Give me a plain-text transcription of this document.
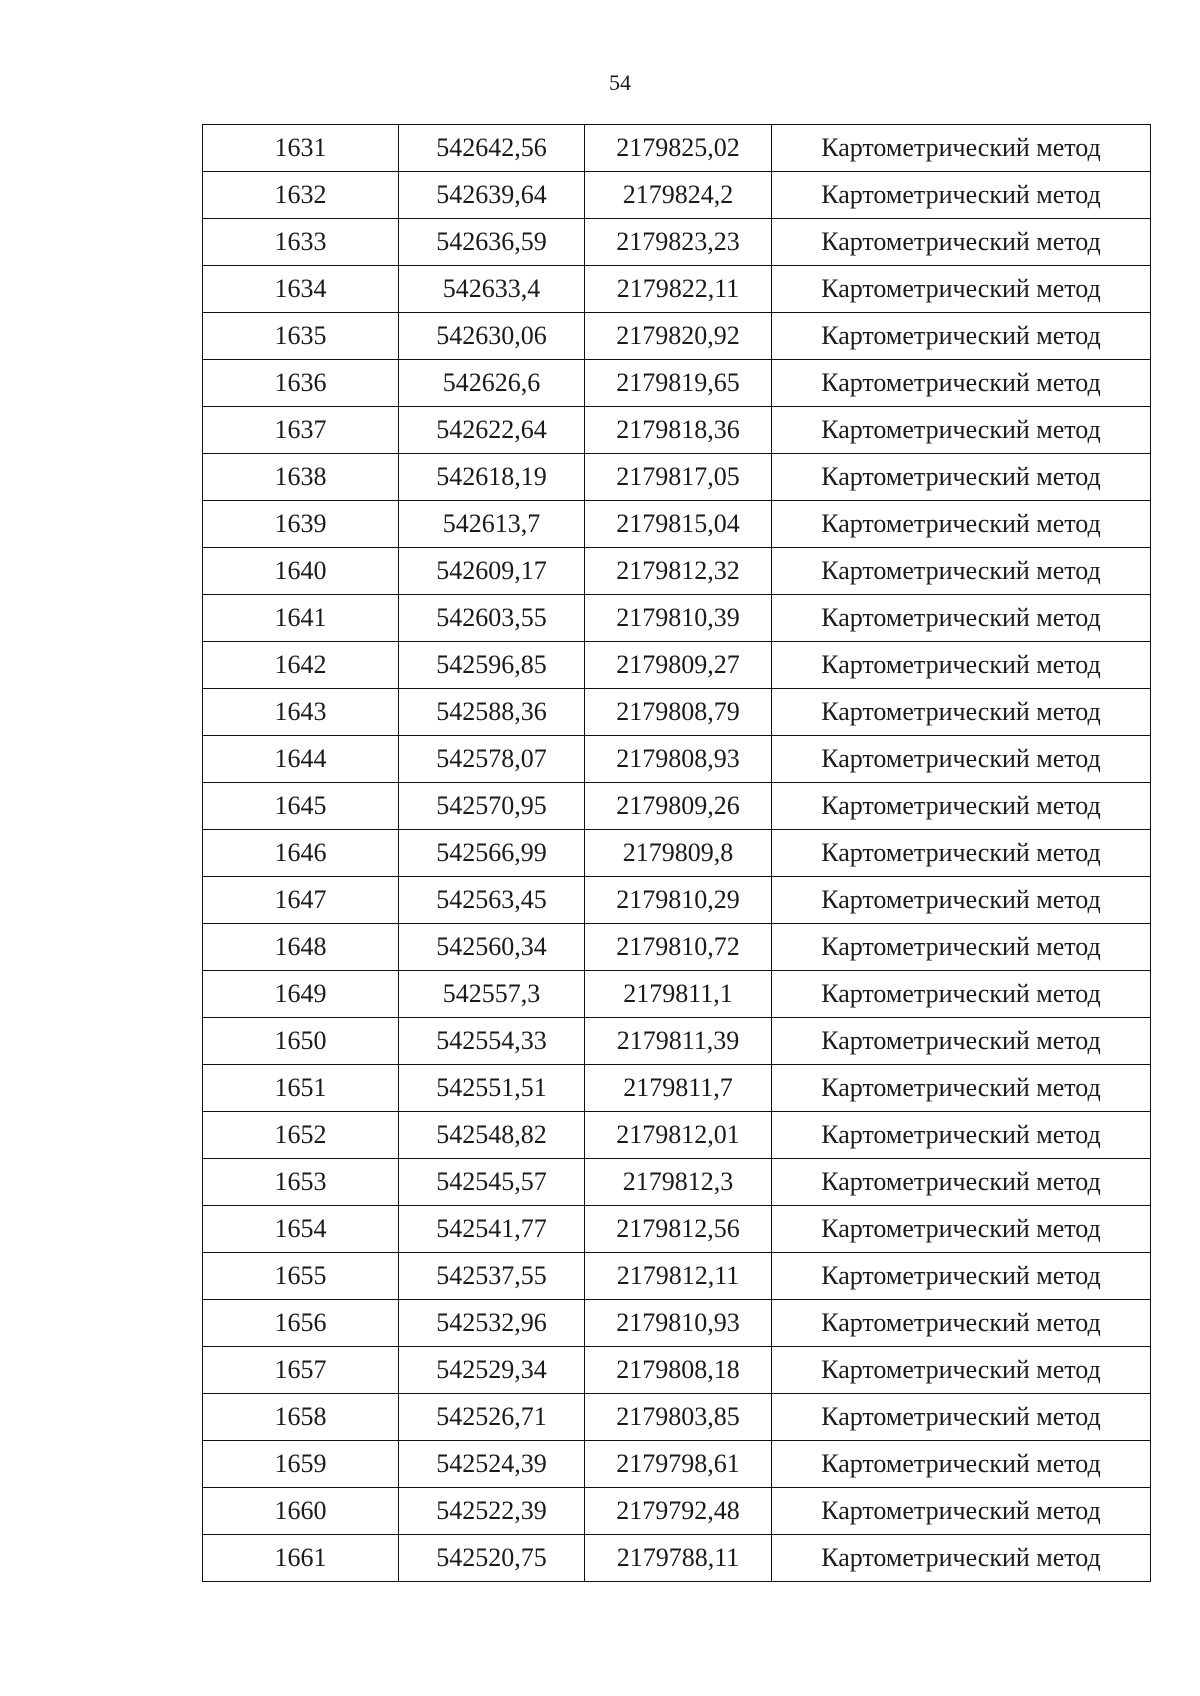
54
1631	542642,56	2179825,02	Картометрический метод
1632	542639,64	2179824,2	Картометрический метод
1633	542636,59	2179823,23	Картометрический метод
1634	542633,4	2179822,11	Картометрический метод
1635	542630,06	2179820,92	Картометрический метод
1636	542626,6	2179819,65	Картометрический метод
1637	542622,64	2179818,36	Картометрический метод
1638	542618,19	2179817,05	Картометрический метод
1639	542613,7	2179815,04	Картометрический метод
1640	542609,17	2179812,32	Картометрический метод
1641	542603,55	2179810,39	Картометрический метод
1642	542596,85	2179809,27	Картометрический метод
1643	542588,36	2179808,79	Картометрический метод
1644	542578,07	2179808,93	Картометрический метод
1645	542570,95	2179809,26	Картометрический метод
1646	542566,99	2179809,8	Картометрический метод
1647	542563,45	2179810,29	Картометрический метод
1648	542560,34	2179810,72	Картометрический метод
1649	542557,3	2179811,1	Картометрический метод
1650	542554,33	2179811,39	Картометрический метод
1651	542551,51	2179811,7	Картометрический метод
1652	542548,82	2179812,01	Картометрический метод
1653	542545,57	2179812,3	Картометрический метод
1654	542541,77	2179812,56	Картометрический метод
1655	542537,55	2179812,11	Картометрический метод
1656	542532,96	2179810,93	Картометрический метод
1657	542529,34	2179808,18	Картометрический метод
1658	542526,71	2179803,85	Картометрический метод
1659	542524,39	2179798,61	Картометрический метод
1660	542522,39	2179792,48	Картометрический метод
1661	542520,75	2179788,11	Картометрический метод
